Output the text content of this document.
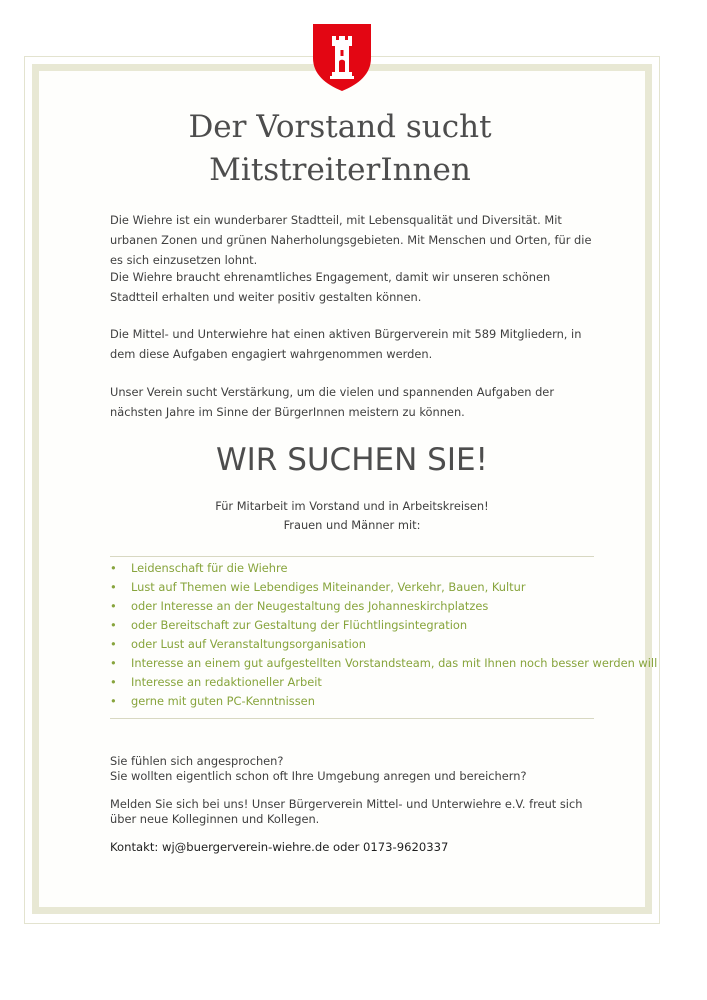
Der Vorstand sucht
MitstreiterInnen

Die Wiehre ist ein wunderbarer Stadtteil, mit Lebensqualität und Diversität. Mit urbanen Zonen und grünen Naherholungsgebieten. Mit Menschen und Orten, für die es sich einzusetzen lohnt.

Die Wiehre braucht ehrenamtliches Engagement, damit wir unseren schönen Stadtteil erhalten und weiter positiv gestalten können.

Die Mittel- und Unterwiehre hat einen aktiven Bürgerverein mit 589 Mitgliedern, in dem diese Aufgaben engagiert wahrgenommen werden.

Unser Verein sucht Verstärkung, um die vielen und spannenden Aufgaben der nächsten Jahre im Sinne der BürgerInnen meistern zu können.

WIR SUCHEN SIE!

Für Mitarbeit im Vorstand und in Arbeitskreisen!

Frauen und Männer mit:

• Leidenschaft für die Wiehre
• Lust auf Themen wie Lebendiges Miteinander, Verkehr, Bauen, Kultur
• oder Interesse an der Neugestaltung des Johanneskirchplatzes
• oder Bereitschaft zur Gestaltung der Flüchtlingsintegration
• oder Lust auf Veranstaltungsorganisation
• Interesse an einem gut aufgestellten Vorstandsteam, das mit Ihnen noch besser werden will
• Interesse an redaktioneller Arbeit
• gerne mit guten PC-Kenntnissen

Sie fühlen sich angesprochen?
Sie wollten eigentlich schon oft Ihre Umgebung anregen und bereichern?

Melden Sie sich bei uns! Unser Bürgerverein Mittel- und Unterwiehre e.V. freut sich über neue Kolleginnen und Kollegen.

Kontakt: wj@buergerverein-wiehre.de oder 0173-9620337
